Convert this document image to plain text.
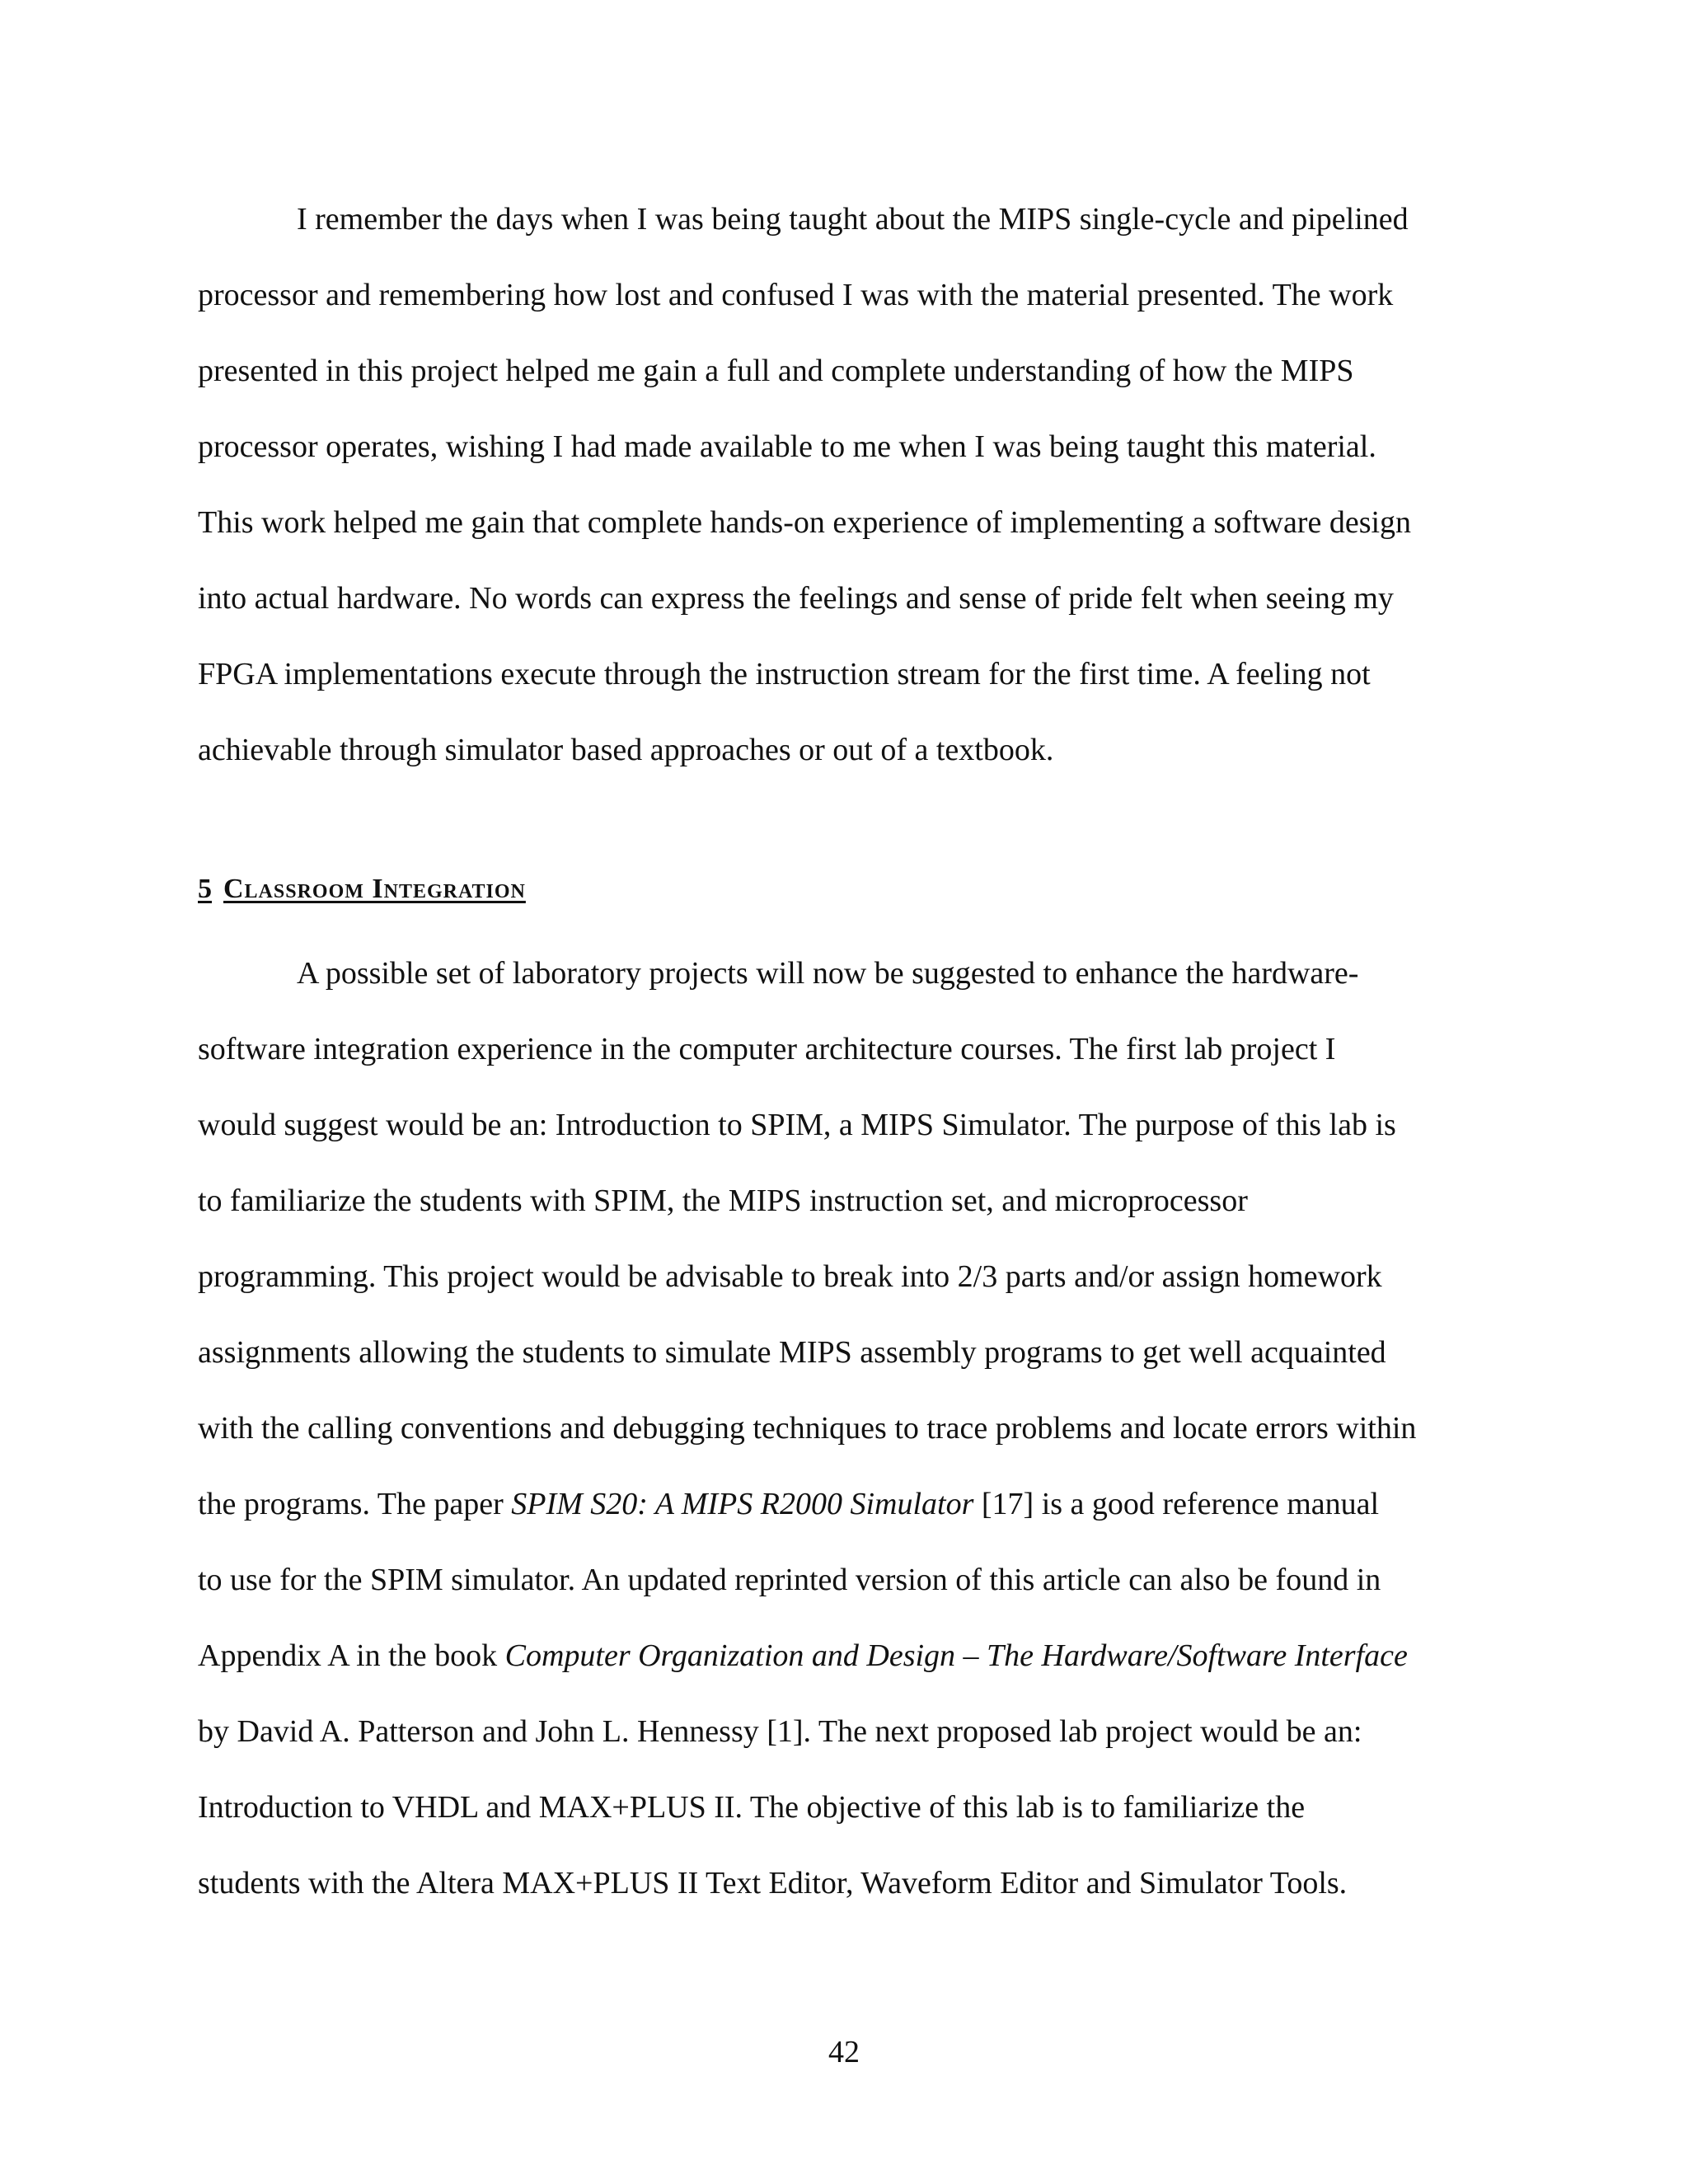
I remember the days when I was being taught about the MIPS single-cycle and pipelined
processor and remembering how lost and confused I was with the material presented. The work
presented in this project helped me gain a full and complete understanding of how the MIPS
processor operates, wishing I had made available to me when I was being taught this material.
This work helped me gain that complete hands-on experience of implementing a software design
into actual hardware. No words can express the feelings and sense of pride felt when seeing my
FPGA implementations execute through the instruction stream for the first time. A feeling not
achievable through simulator based approaches or out of a textbook.
5 Classroom Integration
A possible set of laboratory projects will now be suggested to enhance the hardware-
software integration experience in the computer architecture courses. The first lab project I
would suggest would be an: Introduction to SPIM, a MIPS Simulator. The purpose of this lab is
to familiarize the students with SPIM, the MIPS instruction set, and microprocessor
programming. This project would be advisable to break into 2/3 parts and/or assign homework
assignments allowing the students to simulate MIPS assembly programs to get well acquainted
with the calling conventions and debugging techniques to trace problems and locate errors within
the programs. The paper SPIM S20: A MIPS R2000 Simulator [17] is a good reference manual
to use for the SPIM simulator. An updated reprinted version of this article can also be found in
Appendix A in the book Computer Organization and Design – The Hardware/Software Interface
by David A. Patterson and John L. Hennessy [1]. The next proposed lab project would be an:
Introduction to VHDL and MAX+PLUS II. The objective of this lab is to familiarize the
students with the Altera MAX+PLUS II Text Editor, Waveform Editor and Simulator Tools.
42
